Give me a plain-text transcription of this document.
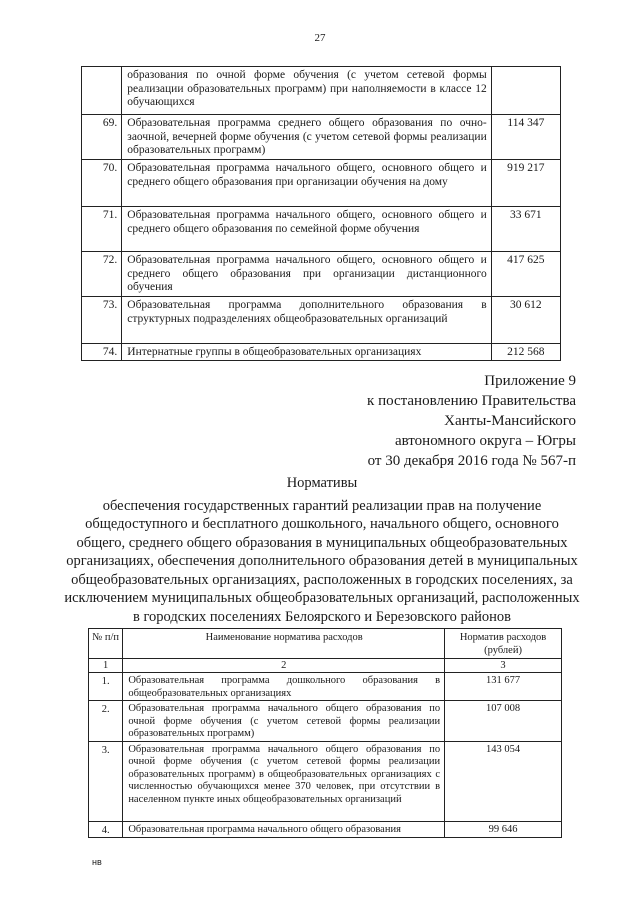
27
	образования по очной форме обучения (с учетом сетевой формы реализации образовательных программ) при наполняемости в классе 12 обучающихся	
69.	Образовательная программа среднего общего образования по очно-заочной, вечерней форме обучения (с учетом сетевой формы реализации образовательных программ)	114 347
70.	Образовательная программа начального общего, основного общего и среднего общего образования при организации обучения на дому	919 217
71.	Образовательная программа начального общего, основного общего и среднего общего образования по семейной форме обучения	33 671
72.	Образовательная программа начального общего, основного общего и среднего общего образования при организации дистанционного обучения	417 625
73.	Образовательная программа дополнительного образования в структурных подразделениях общеобразовательных организаций	30 612
74.	Интернатные группы в общеобразовательных организациях	212 568
Приложение 9
к постановлению Правительства
Ханты-Мансийского
автономного округа – Югры
от 30 декабря 2016 года № 567-п
Нормативы
обеспечения государственных гарантий реализации прав на получение общедоступного и бесплатного дошкольного, начального общего, основного общего, среднего общего образования в муниципальных общеобразовательных организациях, обеспечения дополнительного образования детей в муниципальных общеобразовательных организациях, расположенных в городских поселениях, за исключением муниципальных общеобразовательных организаций, расположенных в городских поселениях Белоярского и Березовского районов
№ п/п	Наименование норматива расходов	Норматив расходов (рублей)
1	2	3
1.	Образовательная программа дошкольного образования в общеобразовательных организациях	131 677
2.	Образовательная программа начального общего образования по очной форме обучения (с учетом сетевой формы реализации образовательных программ)	107 008
3.	Образовательная программа начального общего образования по очной форме обучения (с учетом сетевой формы реализации образовательных программ) в общеобразовательных организациях с численностью обучающихся менее 370 человек, при отсутствии в населенном пункте иных общеобразовательных организаций	143 054
4.	Образовательная программа начального общего образования	99 646
нв
